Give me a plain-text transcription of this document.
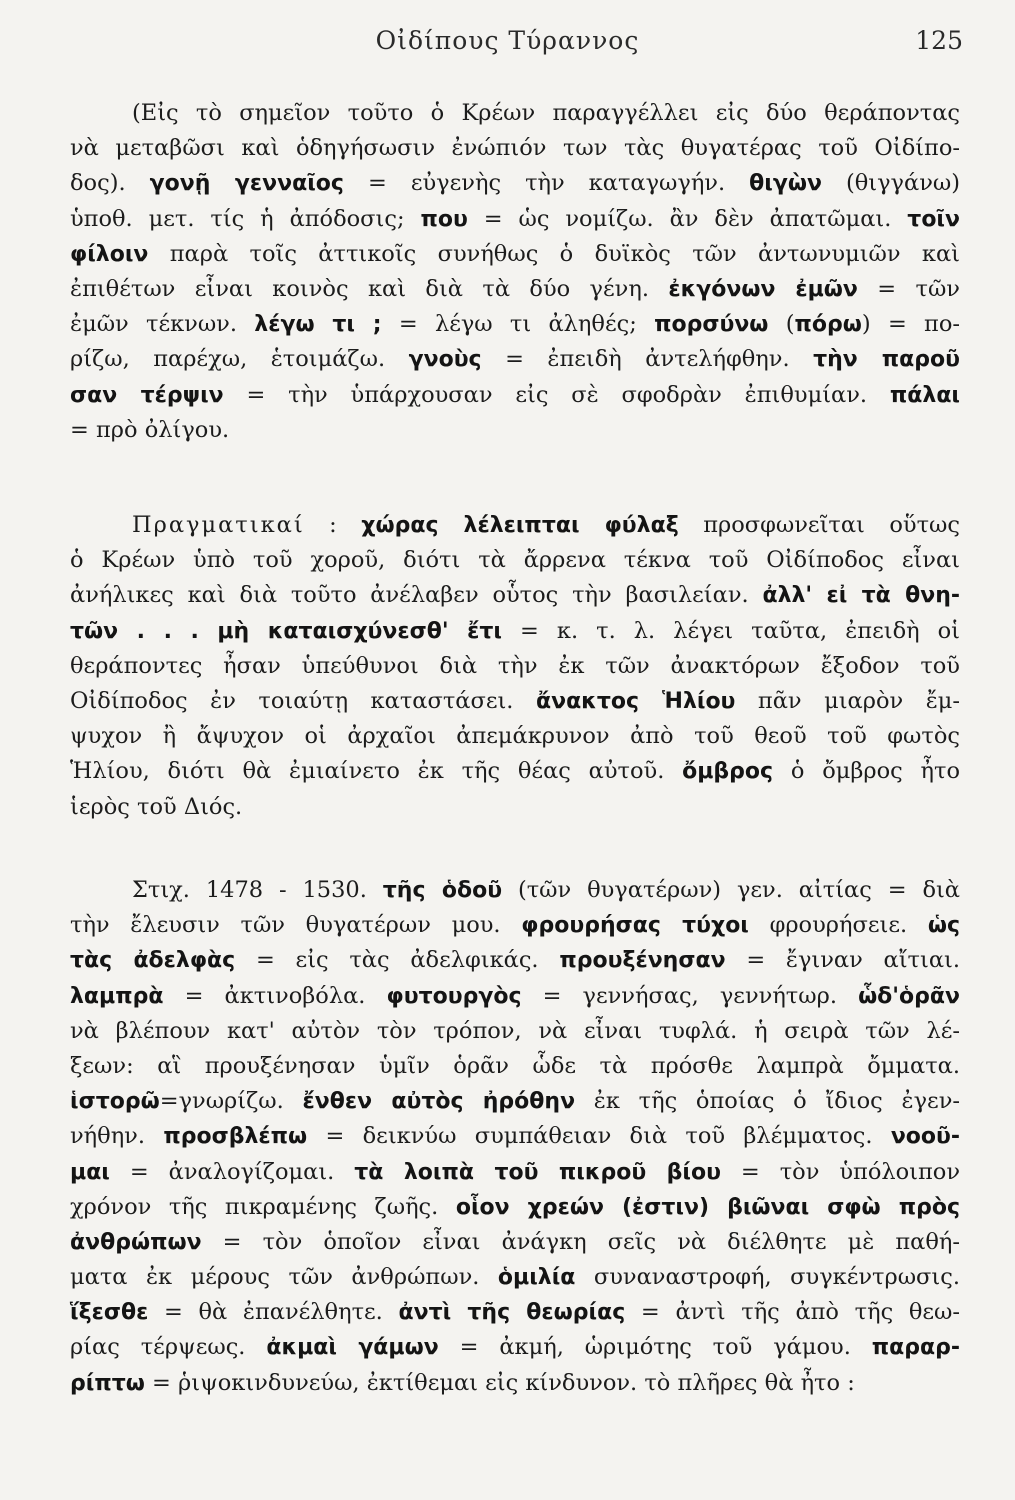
Οἰδίπους Τύραννος	125
(Εἰς τὸ σημεῖον τοῦτο ὁ Κρέων παραγγέλλει εἰς δύο θεράποντας
νὰ μεταβῶσι καὶ ὁδηγήσωσιν ἐνώπιόν των τὰς θυγατέρας τοῦ Οἰδίπο-
δος). γονῇ γενναῖος = εὐγενὴς τὴν καταγωγήν. θιγὼν (θιγγάνω)
ὑποθ. μετ. τίς ἡ ἀπόδοσις; που = ὡς νομίζω. ἂν δὲν ἀπατῶμαι. τοῖν
φίλοιν παρὰ τοῖς ἀττικοῖς συνήθως ὁ δυϊκὸς τῶν ἀντωνυμιῶν καὶ
ἐπιθέτων εἶναι κοινὸς καὶ διὰ τὰ δύο γένη. ἐκγόνων ἐμῶν = τῶν
ἐμῶν τέκνων. λέγω τι ; = λέγω τι ἀληθές; πορσύνω (πόρω) = πο-
ρίζω, παρέχω, ἑτοιμάζω. γνοὺς = ἐπειδὴ ἀντελήφθην. τὴν παροῦ
σαν τέρψιν = τὴν ὑπάρχουσαν εἰς σὲ σφοδρὰν ἐπιθυμίαν. πάλαι
= πρὸ ὀλίγου.
Πραγματικαί : χώρας λέλειπται φύλαξ προσφωνεῖται οὕτως
ὁ Κρέων ὑπὸ τοῦ χοροῦ, διότι τὰ ἄρρενα τέκνα τοῦ Οἰδίποδος εἶναι
ἀνήλικες καὶ διὰ τοῦτο ἀνέλαβεν οὗτος τὴν βασιλείαν. ἀλλ' εἰ τὰ θνη-
τῶν . . . μὴ καταισχύνεσθ' ἔτι = κ. τ. λ. λέγει ταῦτα, ἐπειδὴ οἱ
θεράποντες ἦσαν ὑπεύθυνοι διὰ τὴν ἐκ τῶν ἀνακτόρων ἔξοδον τοῦ
Οἰδίποδος ἐν τοιαύτῃ καταστάσει. ἄνακτος Ἡλίου πᾶν μιαρὸν ἔμ-
ψυχον ἢ ἄψυχον οἱ ἀρχαῖοι ἀπεμάκρυνον ἀπὸ τοῦ θεοῦ τοῦ φωτὸς
Ἡλίου, διότι θὰ ἐμιαίνετο ἐκ τῆς θέας αὐτοῦ. ὄμβρος ὁ ὄμβρος ἦτο
ἱερὸς τοῦ Διός.
Στιχ. 1478 - 1530. τῆς ὁδοῦ (τῶν θυγατέρων) γεν. αἰτίας = διὰ
τὴν ἔλευσιν τῶν θυγατέρων μου. φρουρήσας τύχοι φρουρήσειε. ὡς
τὰς ἀδελφὰς = εἰς τὰς ἀδελφικάς. προυξένησαν = ἔγιναν αἴτιαι.
λαμπρὰ = ἀκτινοβόλα. φυτουργὸς = γεννήσας, γεννήτωρ. ὧδ'ὁρᾶν
νὰ βλέπουν κατ' αὐτὸν τὸν τρόπον, νὰ εἶναι τυφλά. ἡ σειρὰ τῶν λέ-
ξεων: αἳ προυξένησαν ὑμῖν ὁρᾶν ὧδε τὰ πρόσθε λαμπρὰ ὄμματα.
ἱστορῶ=γνωρίζω. ἔνθεν αὐτὸς ἠρόθην ἐκ τῆς ὁποίας ὁ ἴδιος ἐγεν-
νήθην. προσβλέπω = δεικνύω συμπάθειαν διὰ τοῦ βλέμματος. νοοῦ-
μαι = ἀναλογίζομαι. τὰ λοιπὰ τοῦ πικροῦ βίου = τὸν ὑπόλοιπον
χρόνον τῆς πικραμένης ζωῆς. οἷον χρεών (ἐστιν) βιῶναι σφὼ πρὸς
ἀνθρώπων = τὸν ὁποῖον εἶναι ἀνάγκη σεῖς νὰ διέλθητε μὲ παθή-
ματα ἐκ μέρους τῶν ἀνθρώπων. ὁμιλία συναναστροφή, συγκέντρωσις.
ἵξεσθε = θὰ ἐπανέλθητε. ἀντὶ τῆς θεωρίας = ἀντὶ τῆς ἀπὸ τῆς θεω-
ρίας τέρψεως. ἀκμαὶ γάμων = ἀκμή, ὡριμότης τοῦ γάμου. παραρ-
ρίπτω = ῥιψοκινδυνεύω, ἐκτίθεμαι εἰς κίνδυνον. τὸ πλῆρες θὰ ἦτο :
